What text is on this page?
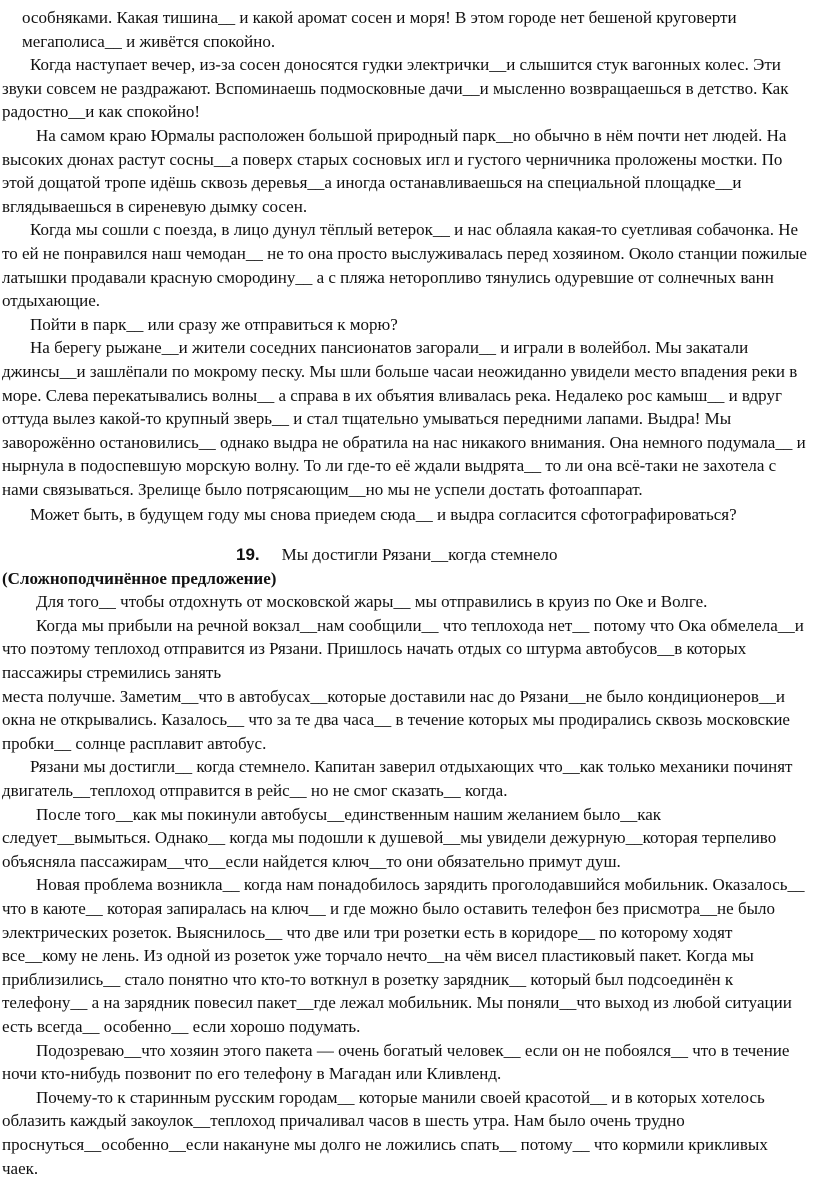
особняками. Какая тишина__ и какой аромат сосен и моря! В этом городе нет бешеной круговерти мегаполиса__ и живётся спокойно.

Когда наступает вечер, из-за сосен доносятся гудки электрички__и слышится стук вагонных колес. Эти звуки совсем не раздражают. Вспоминаешь подмосковные дачи__и мысленно возвращаешься в детство. Как радостно__и как спокойно!

На самом краю Юрмалы расположен большой природный парк__но обычно в нём почти нет людей. На высоких дюнах растут сосны__а поверх старых сосновых игл и густого черничника проложены мостки. По этой дощатой тропе идёшь сквозь деревья__а иногда останавливаешься на специальной площадке__и вглядываешься в сиреневую дымку сосен.

Когда мы сошли с поезда, в лицо дунул тёплый ветерок__ и нас облаяла какая-то суетливая собачонка. Не то ей не понравился наш чемодан__ не то она просто выслуживалась перед хозяином. Около станции пожилые латышки продавали красную смородину__ а с пляжа неторопливо тянулись одуревшие от солнечных ванн отдыхающие.

Пойти в парк__ или сразу же отправиться к морю?

На берегу рыжане__и жители соседних пансионатов загорали__ и играли в волейбол. Мы закатали джинсы__и зашлёпали по мокрому песку. Мы шли больше часаи неожиданно увидели место впадения реки в море. Слева перекатывались волны__ а справа в их объятия вливалась река. Недалеко рос камыш__ и вдруг оттуда вылез какой-то крупный зверь__ и стал тщательно умываться передними лапами. Выдра! Мы заворожённо остановились__ однако выдра не обратила на нас никакого внимания. Она немного подумала__ и нырнула в подоспевшую морскую волну. То ли где-то её ждали выдрята__ то ли она всё-таки не захотела с нами связываться. Зрелище было потрясающим__но мы не успели достать фотоаппарат.

Может быть, в будущем году мы снова приедем сюда__ и выдра согласится сфотографироваться?

19. Мы достигли Рязани__когда стемнело

(Сложноподчинённое предложение)

Для того__ чтобы отдохнуть от московской жары__ мы отправились в круиз по Оке и Волге.

Когда мы прибыли на речной вокзал__нам сообщили__ что теплохода нет__ потому что Ока обмелела__и что поэтому теплоход отправится из Рязани. Пришлось начать отдых со штурма автобусов__в которых пассажиры стремились занять

места получше. Заметим__что в автобусах__которые доставили нас до Рязани__не было кондиционеров__и окна не открывались. Казалось__ что за те два часа__ в течение которых мы продирались сквозь московские пробки__ солнце расплавит автобус.

Рязани мы достигли__ когда стемнело. Капитан заверил отдыхающих что__как только механики починят двигатель__теплоход отправится в рейс__ но не смог сказать__ когда.

После того__как мы покинули автобусы__единственным нашим желанием было__как следует__вымыться. Однако__ когда мы подошли к душевой__мы увидели дежурную__которая терпеливо объясняла пассажирам__что__если найдется ключ__то они обязательно примут душ.

Новая проблема возникла__ когда нам понадобилось зарядить проголодавшийся мобильник. Оказалось__ что в каюте__ которая запиралась на ключ__ и где можно было оставить телефон без присмотра__не было электрических розеток. Выяснилось__ что две или три розетки есть в коридоре__ по которому ходят все__кому не лень. Из одной из розеток уже торчало нечто__на чём висел пластиковый пакет. Когда мы приблизились__ стало понятно что кто-то воткнул в розетку зарядник__ который был подсоединён к телефону__ а на зарядник повесил пакет__где лежал мобильник. Мы поняли__что выход из любой ситуации есть всегда__ особенно__ если хорошо подумать.

Подозреваю__что хозяин этого пакета — очень богатый человек__ если он не побоялся__ что в течение ночи кто-нибудь позвонит по его телефону в Магадан или Кливленд.

Почему-то к старинным русским городам__ которые манили своей красотой__ и в которых хотелось облазить каждый закоулок__теплоход причаливал часов в шесть утра. Нам было очень трудно проснуться__особенно__если накануне мы долго не ложились спать__ потому__ что кормили крикливых чаек.
